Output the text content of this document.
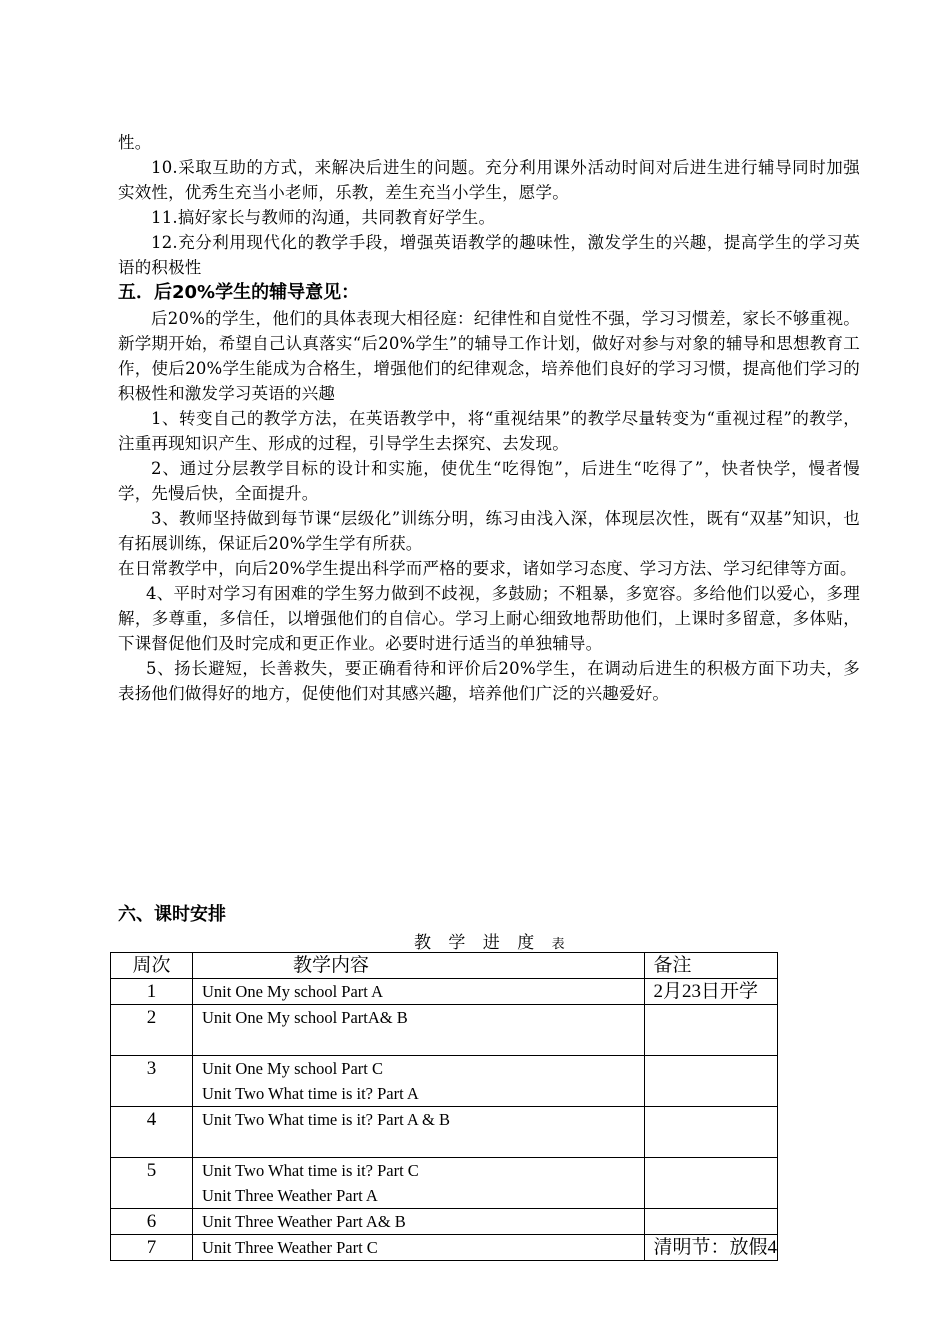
性。

10.采取互助的方式，来解决后进生的问题。充分利用课外活动时间对后进生进行辅导同时加强实效性，优秀生充当小老师，乐教，差生充当小学生，愿学。

11.搞好家长与教师的沟通，共同教育好学生。

12.充分利用现代化的教学手段，增强英语教学的趣味性，激发学生的兴趣，提高学生的学习英语的积极性

五．后20%学生的辅导意见：

后20%的学生，他们的具体表现大相径庭：纪律性和自觉性不强，学习习惯差，家长不够重视。新学期开始，希望自己认真落实“后20%学生”的辅导工作计划，做好对参与对象的辅导和思想教育工作，使后20%学生能成为合格生，增强他们的纪律观念，培养他们良好的学习习惯，提高他们学习的积极性和激发学习英语的兴趣

1、转变自己的教学方法，在英语教学中，将“重视结果”的教学尽量转变为“重视过程”的教学，注重再现知识产生、形成的过程，引导学生去探究、去发现。

2、通过分层教学目标的设计和实施，使优生“吃得饱”，后进生“吃得了”，快者快学，慢者慢学，先慢后快，全面提升。

3、教师坚持做到每节课“层级化”训练分明，练习由浅入深，体现层次性，既有“双基”知识，也有拓展训练，保证后20%学生学有所获。

在日常教学中，向后20%学生提出科学而严格的要求，诸如学习态度、学习方法、学习纪律等方面。

4、平时对学习有困难的学生努力做到不歧视，多鼓励；不粗暴，多宽容。多给他们以爱心，多理解，多尊重，多信任，以增强他们的自信心。学习上耐心细致地帮助他们，上课时多留意，多体贴，下课督促他们及时完成和更正作业。必要时进行适当的单独辅导。

5、扬长避短，长善救失，要正确看待和评价后20%学生，在调动后进生的积极方面下功夫，多表扬他们做得好的地方，促使他们对其感兴趣，培养他们广泛的兴趣爱好。

六、课时安排
教 学 进 度 表
周次	教学内容	备注
1	Unit One My school Part A	2月23日开学
2	Unit One My school PartA& B	

3	Unit One My school Part C
Unit Two What time is it? Part A	

4	Unit Two What time is it? Part A & B	

5	Unit Two What time is it? Part C
Unit Three Weather Part A	

6	Unit Three Weather Part A& B	

7	Unit Three Weather Part C	清明节：放假4
